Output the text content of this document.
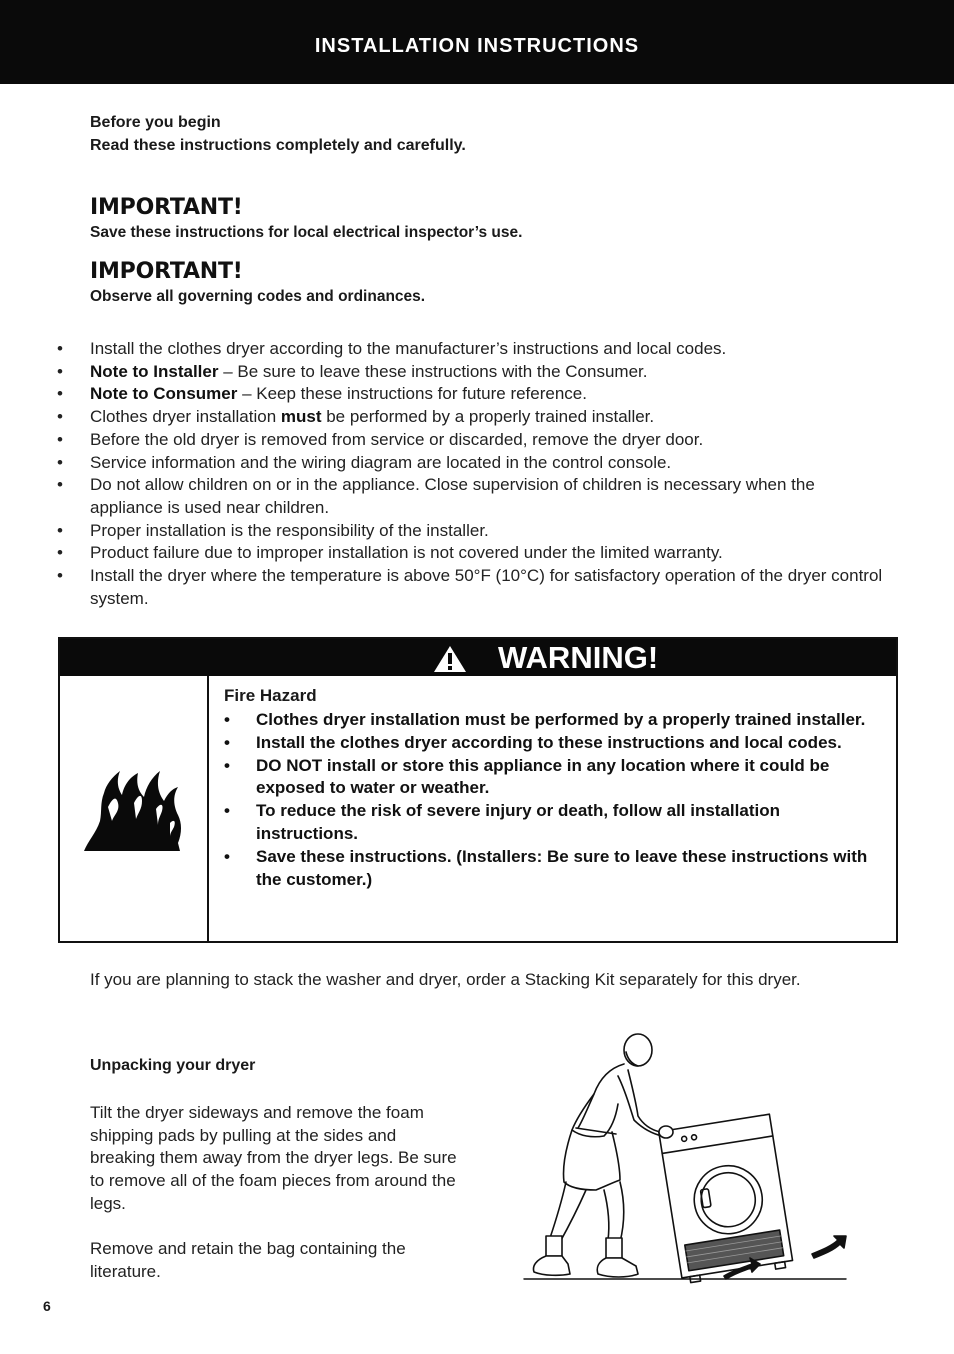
INSTALLATION INSTRUCTIONS
Before you begin
Read these instructions completely and carefully.
IMPORTANT!
Save these instructions for local electrical inspector’s use.
IMPORTANT!
Observe all governing codes and ordinances.
• Install the clothes dryer according to the manufacturer’s instructions and local codes.
• Note to Installer – Be sure to leave these instructions with the Consumer.
• Note to Consumer – Keep these instructions for future reference.
• Clothes dryer installation must be performed by a properly trained installer.
• Before the old dryer is removed from service or discarded, remove the dryer door.
• Service information and the wiring diagram are located in the control console.
• Do not allow children on or in the appliance. Close supervision of children is necessary when the appliance is used near children.
• Proper installation is the responsibility of the installer.
• Product failure due to improper installation is not covered under the limited warranty.
• Install the dryer where the temperature is above 50°F (10°C) for satisfactory operation of the dryer control system.
WARNING!
Fire Hazard
• Clothes dryer installation must be performed by a properly trained installer.
• Install the clothes dryer according to these instructions and local codes.
• DO NOT install or store this appliance in any location where it could be exposed to water or weather.
• To reduce the risk of severe injury or death, follow all installation instructions.
• Save these instructions. (Installers: Be sure to leave these instructions with the customer.)
If you are planning to stack the washer and dryer, order a Stacking Kit separately for this dryer.
Unpacking your dryer
Tilt the dryer sideways and remove the foam shipping pads by pulling at the sides and breaking them away from the dryer legs. Be sure to remove all of the foam pieces from around the legs.
Remove and retain the bag containing the literature.
6
